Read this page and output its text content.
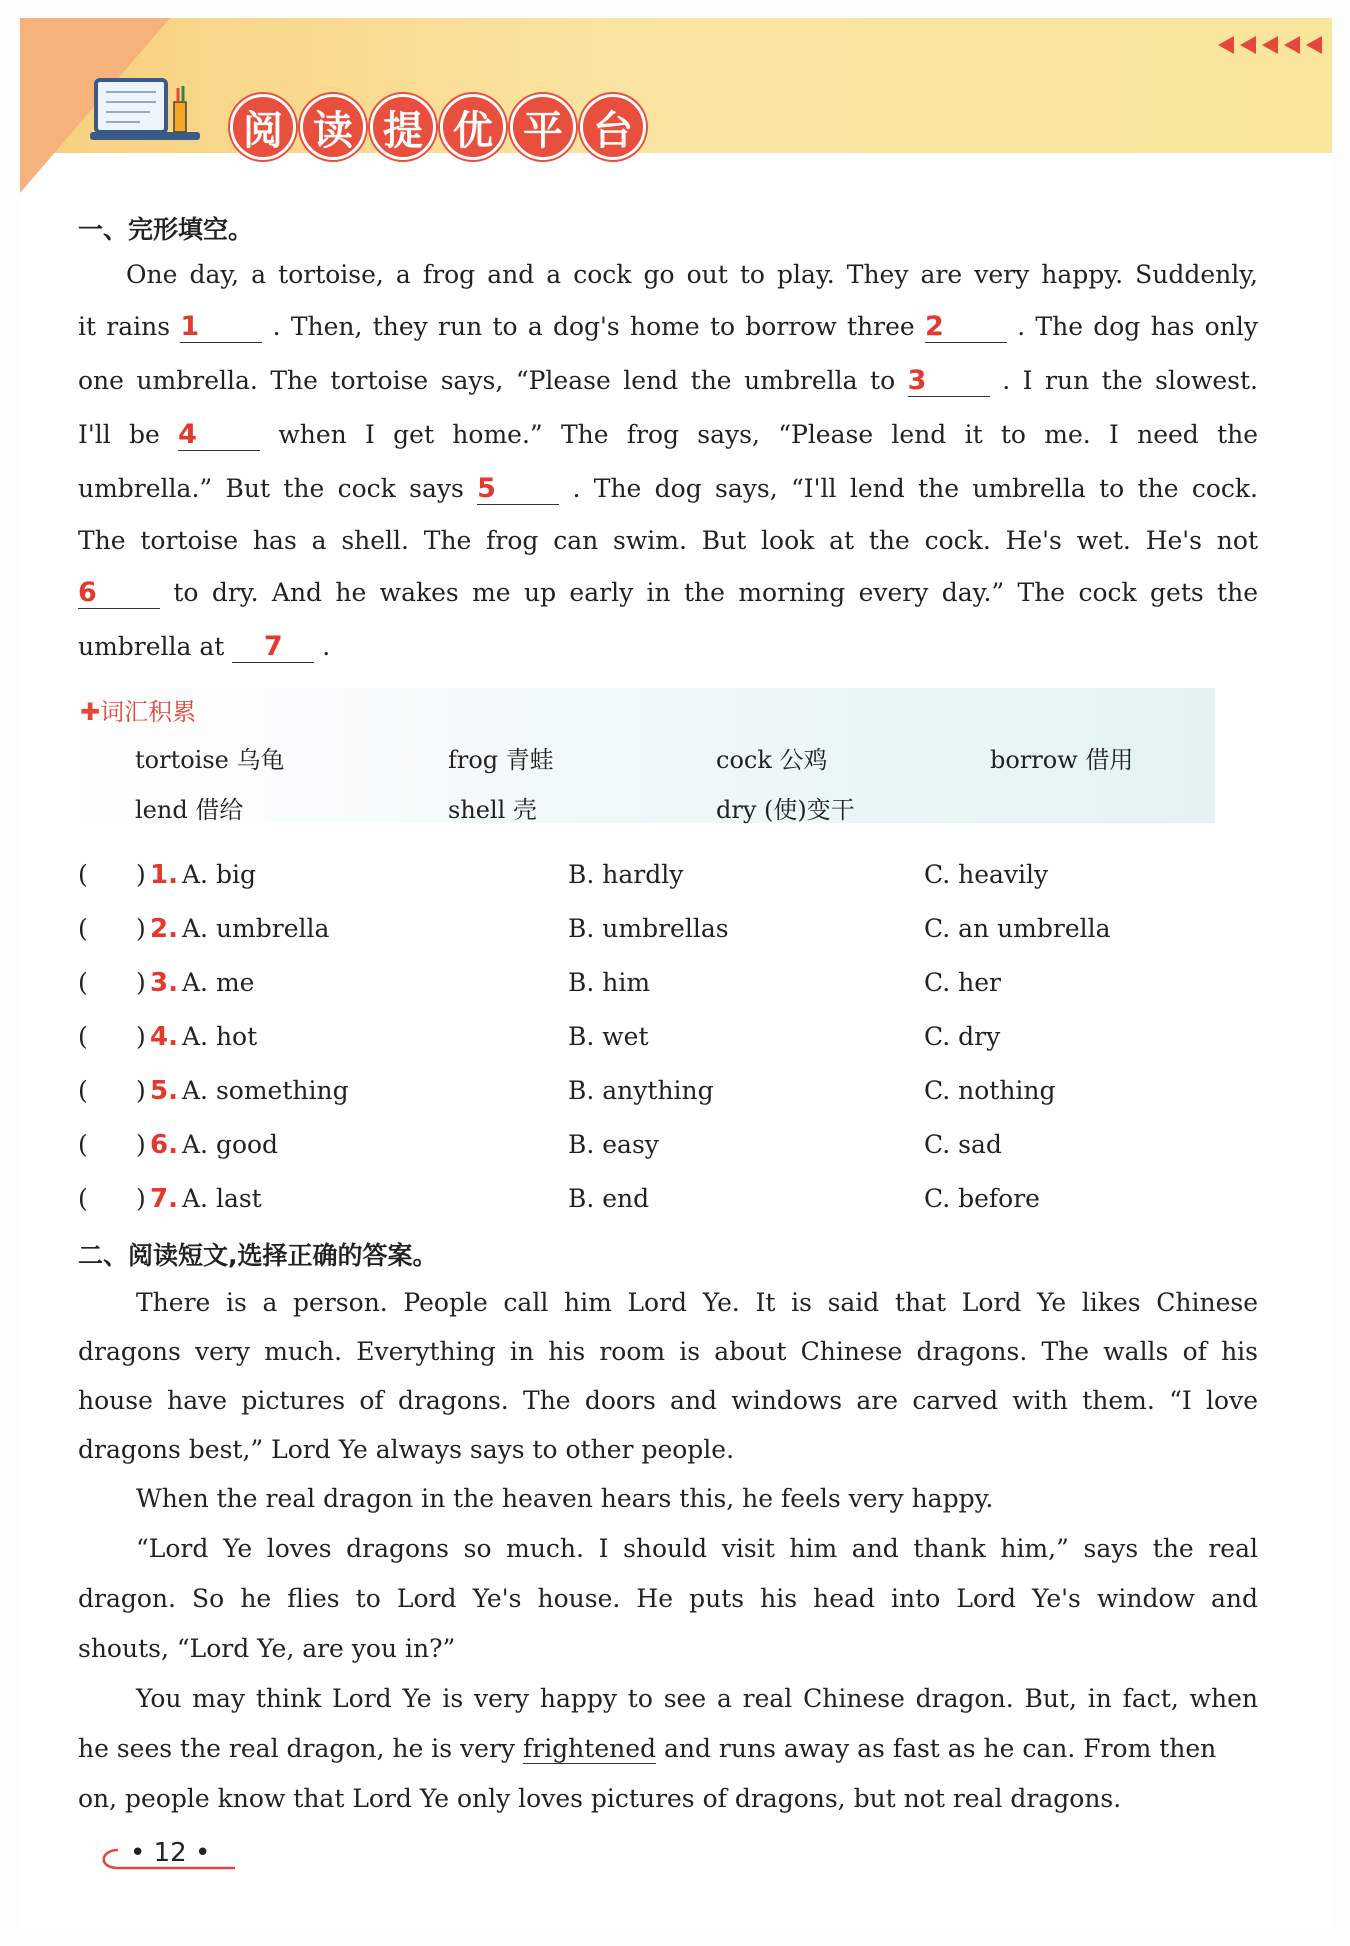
阅 读 提 优 平 台
一、完形填空。
One day, a tortoise, a frog and a cock go out to play. They are very happy. Suddenly,
it rains 1	. Then, they run to a dog's home to borrow three 2	. The dog has only
one umbrella. The tortoise says, “Please lend the umbrella to 3	. I run the slowest.
I'll be 4	when I get home.” The frog says, “Please lend it to me. I need the
umbrella.” But the cock says 5	. The dog says, “I'll lend the umbrella to the cock.
The tortoise has a shell. The frog can swim. But look at the cock. He's wet. He's not
6	to dry. And he wakes me up early in the morning every day.” The cock gets the
umbrella at 7 .
✚词汇积累
tortoise 乌龟	frog 青蛙	cock 公鸡	borrow 借用
lend 借给	shell 壳	dry (使)变干
( ) 1. A. big	B. hardly	C. heavily
( ) 2. A. umbrella	B. umbrellas	C. an umbrella
( ) 3. A. me	B. him	C. her
( ) 4. A. hot	B. wet	C. dry
( ) 5. A. something	B. anything	C. nothing
( ) 6. A. good	B. easy	C. sad
( ) 7. A. last	B. end	C. before
二、阅读短文,选择正确的答案。
There is a person. People call him Lord Ye. It is said that Lord Ye likes Chinese
dragons very much. Everything in his room is about Chinese dragons. The walls of his
house have pictures of dragons. The doors and windows are carved with them. “I love
dragons best,” Lord Ye always says to other people.
When the real dragon in the heaven hears this, he feels very happy.
“Lord Ye loves dragons so much. I should visit him and thank him,” says the real
dragon. So he flies to Lord Ye's house. He puts his head into Lord Ye's window and
shouts, “Lord Ye, are you in?”
You may think Lord Ye is very happy to see a real Chinese dragon. But, in fact, when
he sees the real dragon, he is very frightened and runs away as fast as he can. From then
on, people know that Lord Ye only loves pictures of dragons, but not real dragons.
• 12 •
